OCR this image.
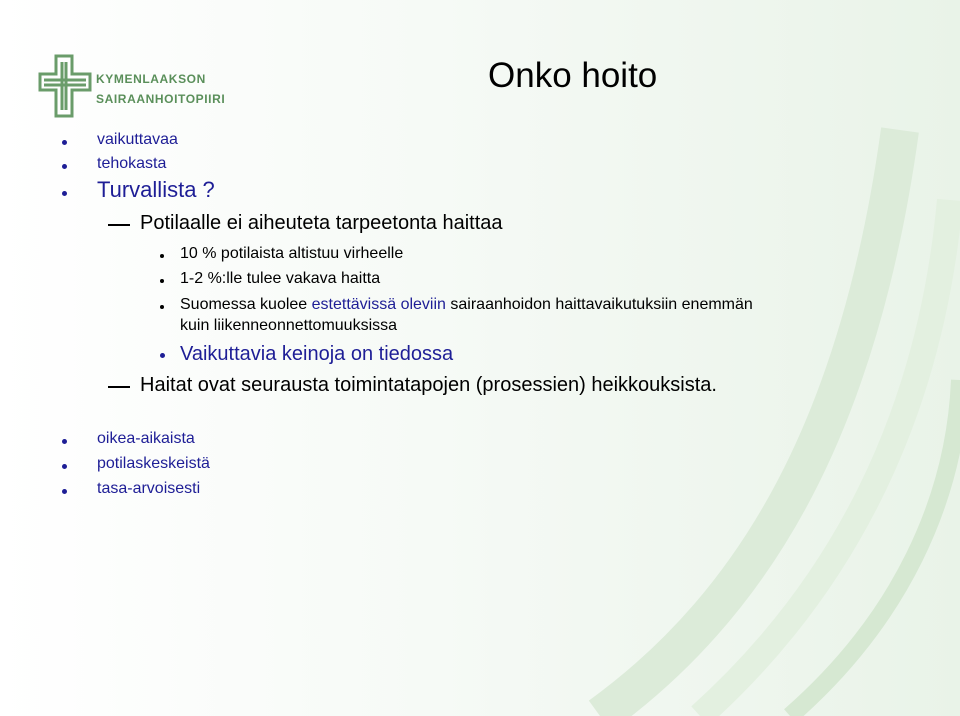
KYMENLAAKSON
SAIRAANHOITOPIIRI
Onko hoito
vaikuttavaa
tehokasta
Turvallista ?
Potilaalle ei aiheuteta tarpeetonta haittaa
10 % potilaista altistuu virheelle
1-2 %:lle tulee vakava haitta
Suomessa kuolee estettävissä oleviin sairaanhoidon haittavaikutuksiin enemmän
kuin liikenneonnettomuuksissa
Vaikuttavia keinoja on tiedossa
Haitat ovat seurausta toimintatapojen (prosessien) heikkouksista.
oikea-aikaista
potilaskeskeistä
tasa-arvoisesti
